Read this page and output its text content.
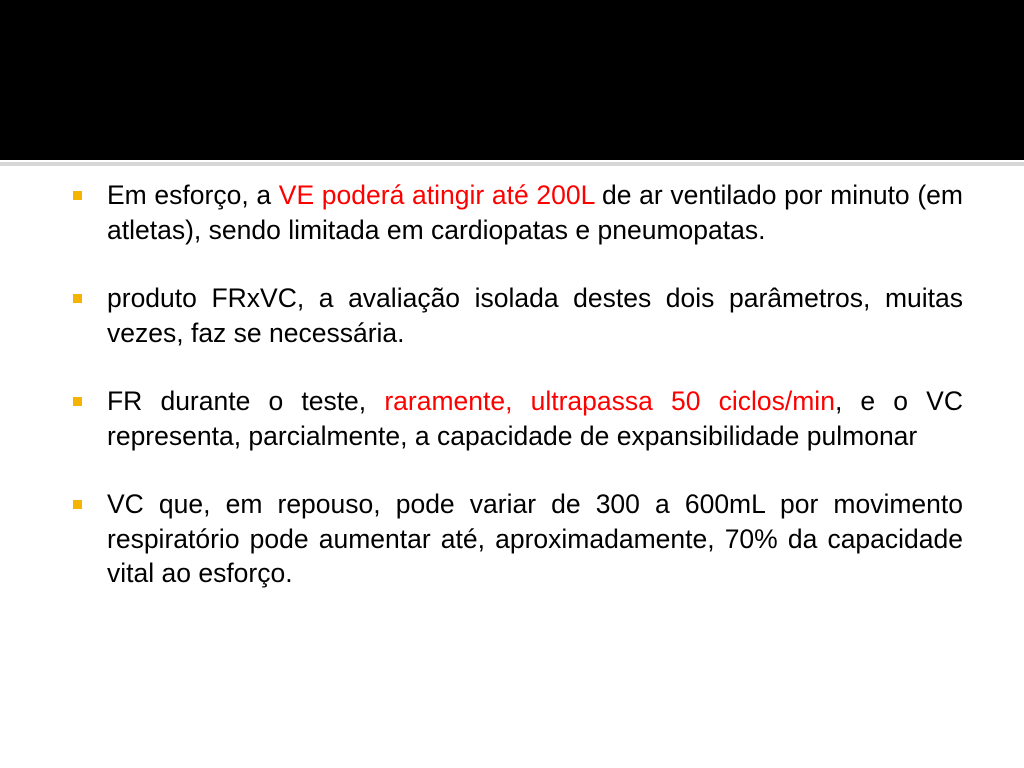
Em esforço, a VE poderá atingir até 200L de ar ventilado por minuto (em atletas), sendo limitada em cardiopatas e pneumopatas.
produto FRxVC, a avaliação isolada destes dois parâmetros, muitas vezes, faz se necessária.
FR durante o teste, raramente, ultrapassa 50 ciclos/min, e o VC representa, parcialmente, a capacidade de expansibilidade pulmonar
VC que, em repouso, pode variar de 300 a 600mL por movimento respiratório pode aumentar até, aproximadamente, 70% da capacidade vital ao esforço.
